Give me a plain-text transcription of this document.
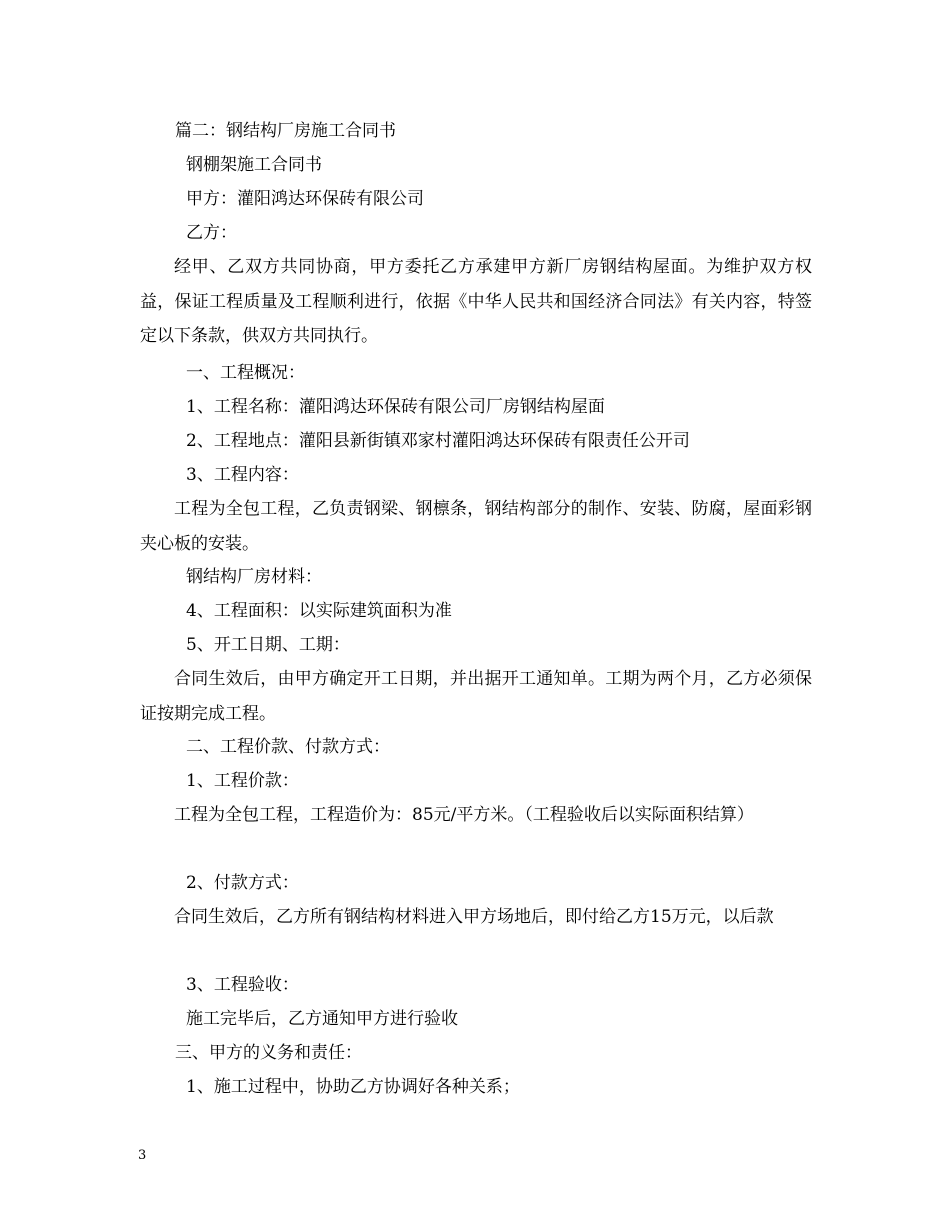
篇二：钢结构厂房施工合同书
钢棚架施工合同书
甲方：灌阳鸿达环保砖有限公司
乙方：
经甲、乙双方共同协商，甲方委托乙方承建甲方新厂房钢结构屋面。为维护双方权益，保证工程质量及工程顺利进行，依据《中华人民共和国经济合同法》有关内容，特签定以下条款，供双方共同执行。
一、工程概况：
1、工程名称：灌阳鸿达环保砖有限公司厂房钢结构屋面
2、工程地点：灌阳县新街镇邓家村灌阳鸿达环保砖有限责任公开司
3、工程内容：
工程为全包工程，乙负责钢梁、钢檩条，钢结构部分的制作、安装、防腐，屋面彩钢夹心板的安装。
钢结构厂房材料：
4、工程面积：以实际建筑面积为准
5、开工日期、工期：
合同生效后，由甲方确定开工日期，并出据开工通知单。工期为两个月，乙方必须保证按期完成工程。
二、工程价款、付款方式：
1、工程价款：
工程为全包工程，工程造价为：85元/平方米。（工程验收后以实际面积结算）
2、付款方式：
合同生效后，乙方所有钢结构材料进入甲方场地后，即付给乙方15万元，以后款
3、工程验收：
施工完毕后，乙方通知甲方进行验收
三、甲方的义务和责任：
1、施工过程中，协助乙方协调好各种关系；
3
